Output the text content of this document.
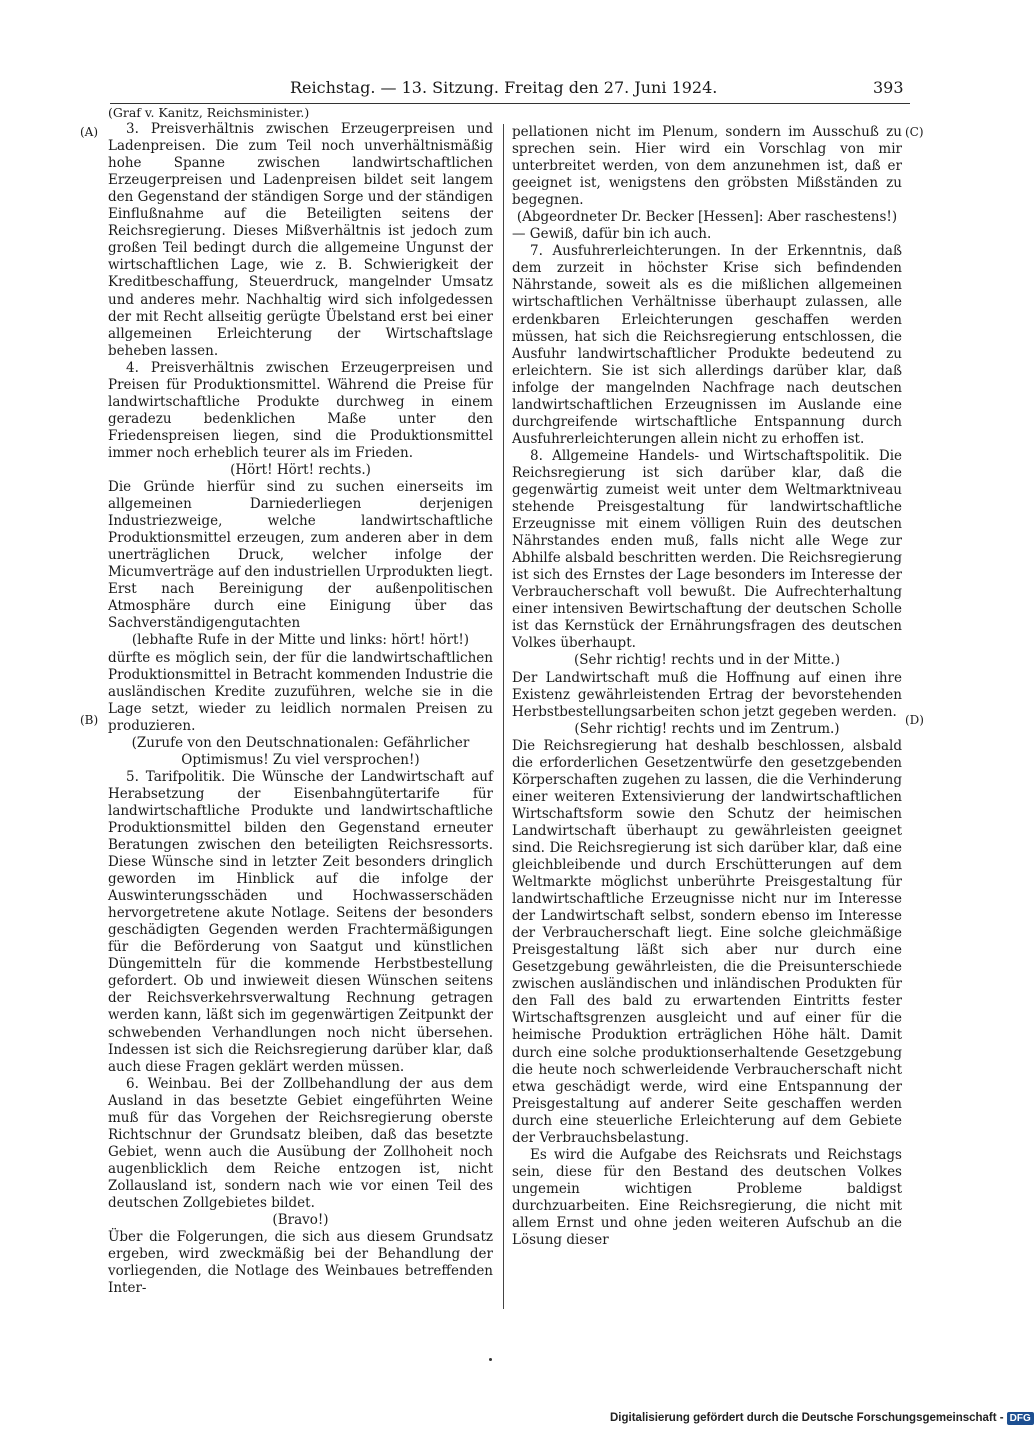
Reichstag. — 13. Sitzung. Freitag den 27. Juni 1924.	393
(A)
(B)
(C)
(D)

(Graf v. Kanitz, Reichsminister.)

3. Preisverhältnis zwischen Erzeugerpreisen und Ladenpreisen. Die zum Teil noch unverhältnismäßig hohe Spanne zwischen landwirtschaftlichen Erzeugerpreisen und Ladenpreisen bildet seit langem den Gegenstand der ständigen Sorge und der ständigen Einflußnahme auf die Beteiligten seitens der Reichsregierung. Dieses Mißverhältnis ist jedoch zum großen Teil bedingt durch die allgemeine Ungunst der wirtschaftlichen Lage, wie z. B. Schwierigkeit der Kreditbeschaffung, Steuerdruck, mangelnder Umsatz und anderes mehr. Nachhaltig wird sich infolgedessen der mit Recht allseitig gerügte Übelstand erst bei einer allgemeinen Erleichterung der Wirtschaftslage beheben lassen.

4. Preisverhältnis zwischen Erzeugerpreisen und Preisen für Produktionsmittel. Während die Preise für landwirtschaftliche Produkte durchweg in einem geradezu bedenklichen Maße unter den Friedenspreisen liegen, sind die Produktionsmittel immer noch erheblich teurer als im Frieden.

(Hört! Hört! rechts.)

Die Gründe hierfür sind zu suchen einerseits im allgemeinen Darniederliegen derjenigen Industriezweige, welche landwirtschaftliche Produktionsmittel erzeugen, zum anderen aber in dem unerträglichen Druck, welcher infolge der Micumverträge auf den industriellen Urprodukten liegt. Erst nach Bereinigung der außenpolitischen Atmosphäre durch eine Einigung über das Sachverständigengutachten

(lebhafte Rufe in der Mitte und links: hört! hört!)

dürfte es möglich sein, der für die landwirtschaftlichen Produktionsmittel in Betracht kommenden Industrie die ausländischen Kredite zuzuführen, welche sie in die Lage setzt, wieder zu leidlich normalen Preisen zu produzieren.

(Zurufe von den Deutschnationalen: Gefährlicher Optimismus! Zu viel versprochen!)

5. Tarifpolitik. Die Wünsche der Landwirtschaft auf Herabsetzung der Eisenbahngütertarife für landwirtschaftliche Produkte und landwirtschaftliche Produktionsmittel bilden den Gegenstand erneuter Beratungen zwischen den beteiligten Reichsressorts. Diese Wünsche sind in letzter Zeit besonders dringlich geworden im Hinblick auf die infolge der Auswinterungsschäden und Hochwasserschäden hervorgetretene akute Notlage. Seitens der besonders geschädigten Gegenden werden Frachtermäßigungen für die Beförderung von Saatgut und künstlichen Düngemitteln für die kommende Herbstbestellung gefordert. Ob und inwieweit diesen Wünschen seitens der Reichsverkehrsverwaltung Rechnung getragen werden kann, läßt sich im gegenwärtigen Zeitpunkt der schwebenden Verhandlungen noch nicht übersehen. Indessen ist sich die Reichsregierung darüber klar, daß auch diese Fragen geklärt werden müssen.

6. Weinbau. Bei der Zollbehandlung der aus dem Ausland in das besetzte Gebiet eingeführten Weine muß für das Vorgehen der Reichsregierung oberste Richtschnur der Grundsatz bleiben, daß das besetzte Gebiet, wenn auch die Ausübung der Zollhoheit noch augenblicklich dem Reiche entzogen ist, nicht Zollausland ist, sondern nach wie vor einen Teil des deutschen Zollgebietes bildet.

(Bravo!)

Über die Folgerungen, die sich aus diesem Grundsatz ergeben, wird zweckmäßig bei der Behandlung der vorliegenden, die Notlage des Weinbaues betreffenden Inter-

pellationen nicht im Plenum, sondern im Ausschuß zu sprechen sein. Hier wird ein Vorschlag von mir unterbreitet werden, von dem anzunehmen ist, daß er geeignet ist, wenigstens den gröbsten Mißständen zu begegnen.

(Abgeordneter Dr. Becker [Hessen]: Aber raschestens!)

— Gewiß, dafür bin ich auch.

7. Ausfuhrerleichterungen. In der Erkenntnis, daß dem zurzeit in höchster Krise sich befindenden Nährstande, soweit als es die mißlichen allgemeinen wirtschaftlichen Verhältnisse überhaupt zulassen, alle erdenkbaren Erleichterungen geschaffen werden müssen, hat sich die Reichsregierung entschlossen, die Ausfuhr landwirtschaftlicher Produkte bedeutend zu erleichtern. Sie ist sich allerdings darüber klar, daß infolge der mangelnden Nachfrage nach deutschen landwirtschaftlichen Erzeugnissen im Auslande eine durchgreifende wirtschaftliche Entspannung durch Ausfuhrerleichterungen allein nicht zu erhoffen ist.

8. Allgemeine Handels- und Wirtschaftspolitik. Die Reichsregierung ist sich darüber klar, daß die gegenwärtig zumeist weit unter dem Weltmarktniveau stehende Preisgestaltung für landwirtschaftliche Erzeugnisse mit einem völligen Ruin des deutschen Nährstandes enden muß, falls nicht alle Wege zur Abhilfe alsbald beschritten werden. Die Reichsregierung ist sich des Ernstes der Lage besonders im Interesse der Verbraucherschaft voll bewußt. Die Aufrechterhaltung einer intensiven Bewirtschaftung der deutschen Scholle ist das Kernstück der Ernährungsfragen des deutschen Volkes überhaupt.

(Sehr richtig! rechts und in der Mitte.)

Der Landwirtschaft muß die Hoffnung auf einen ihre Existenz gewährleistenden Ertrag der bevorstehenden Herbstbestellungsarbeiten schon jetzt gegeben werden.

(Sehr richtig! rechts und im Zentrum.)

Die Reichsregierung hat deshalb beschlossen, alsbald die erforderlichen Gesetzentwürfe den gesetzgebenden Körperschaften zugehen zu lassen, die die Verhinderung einer weiteren Extensivierung der landwirtschaftlichen Wirtschaftsform sowie den Schutz der heimischen Landwirtschaft überhaupt zu gewährleisten geeignet sind. Die Reichsregierung ist sich darüber klar, daß eine gleichbleibende und durch Erschütterungen auf dem Weltmarkte möglichst unberührte Preisgestaltung für landwirtschaftliche Erzeugnisse nicht nur im Interesse der Landwirtschaft selbst, sondern ebenso im Interesse der Verbraucherschaft liegt. Eine solche gleichmäßige Preisgestaltung läßt sich aber nur durch eine Gesetzgebung gewährleisten, die die Preisunterschiede zwischen ausländischen und inländischen Produkten für den Fall des bald zu erwartenden Eintritts fester Wirtschaftsgrenzen ausgleicht und auf einer für die heimische Produktion erträglichen Höhe hält. Damit durch eine solche produktionserhaltende Gesetzgebung die heute noch schwerleidende Verbraucherschaft nicht etwa geschädigt werde, wird eine Entspannung der Preisgestaltung auf anderer Seite geschaffen werden durch eine steuerliche Erleichterung auf dem Gebiete der Verbrauchsbelastung.

Es wird die Aufgabe des Reichsrats und Reichstags sein, diese für den Bestand des deutschen Volkes ungemein wichtigen Probleme baldigst durchzuarbeiten. Eine Reichsregierung, die nicht mit allem Ernst und ohne jeden weiteren Aufschub an die Lösung dieser

Digitalisierung gefördert durch die Deutsche Forschungsgemeinschaft - DFG
